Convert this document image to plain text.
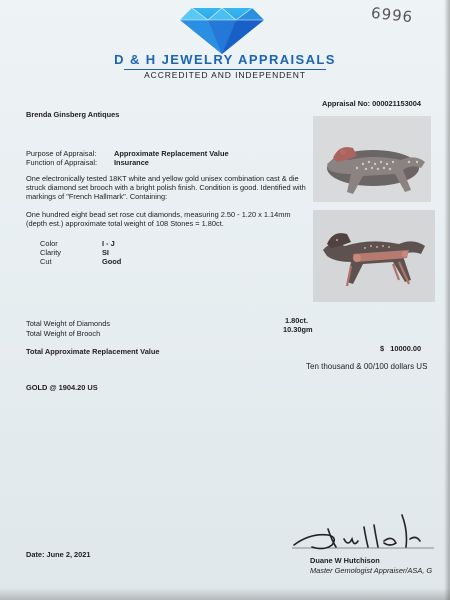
6996
D & H JEWELRY APPRAISALS
ACCREDITED AND INDEPENDENT
Brenda Ginsberg Antiques
Appraisal No: 000021153004
Purpose of Appraisal: Approximate Replacement Value
Function of Appraisal: Insurance
One electronically tested 18KT white and yellow gold unisex combination cast & die struck diamond set brooch with a bright polish finish. Condition is good. Identified with markings of "French Hallmark". Containing:
One hundred eight bead set rose cut diamonds, measuring 2.50 - 1.20 x 1.14mm (depth est.) approximate total weight of 108 Stones = 1.80ct.
Color	I - J
Clarity	SI
Cut	Good
Total Weight of Diamonds	1.80ct.
Total Weight of Brooch	10.30gm
Total Approximate Replacement Value	$   10000.00
Ten thousand & 00/100 dollars US
GOLD @ 1904.20 US
Date: June 2, 2021
Duane W Hutchison
Master Gemologist Appraiser/ASA, G
